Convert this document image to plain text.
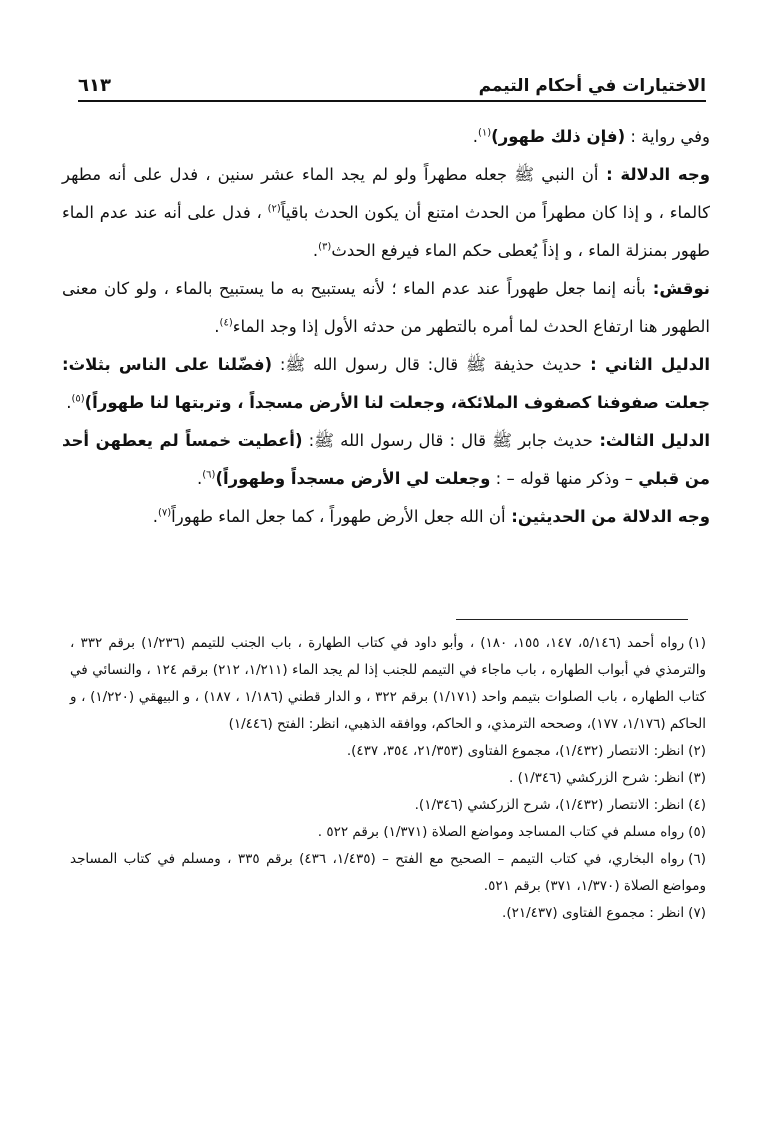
الاختيارات في أحكام التيمم
٦١٣

وفي رواية : (فإن ذلك طهور)$^{(١)}$.

وجه الدلالة : أن النبي ﷺ جعله مطهراً ولو لم يجد الماء عشر سنين ، فدل على أنه مطهر كالماء ، و إذا كان مطهراً من الحدث امتنع أن يكون الحدث باقياً$^{(٢)}$ ، فدل على أنه عند عدم الماء طهور بمنزلة الماء ، و إذاً يُعطى حكم الماء فيرفع الحدث$^{(٣)}$.

نوقش: بأنه إنما جعل طهوراً عند عدم الماء ؛ لأنه يستبيح به ما يستبيح بالماء ، ولو كان معنى الطهور هنا ارتفاع الحدث لما أمره بالتطهر من حدثه الأول إذا وجد الماء$^{(٤)}$.

الدليل الثاني : حديث حذيفة ﷺ قال: قال رسول الله ﷺ: (فضّلنا على الناس بثلاث: جعلت صفوفنا كصفوف الملائكة، وجعلت لنا الأرض مسجداً ، وتربتها لنا طهوراً)$^{(٥)}$.

الدليل الثالث: حديث جابر ﷺ قال : قال رسول الله ﷺ: (أعطيت خمساً لم يعطهن أحد من قبلي – وذكر منها قوله – : وجعلت لي الأرض مسجداً وطهوراً)$^{(٦)}$.

وجه الدلالة من الحديثين: أن الله جعل الأرض طهوراً ، كما جعل الماء طهوراً$^{(٧)}$.

(١)رواه أحمد (٥/١٤٦، ١٤٧، ١٥٥، ١٨٠) ، وأبو داود في كتاب الطهارة ، باب الجنب للتيمم (١/٢٣٦) برقم ٣٣٢ ، والترمذي في أبواب الطهاره ، باب ماجاء في التيمم للجنب إذا لم يجد الماء (١/٢١١، ٢١٢) برقم ١٢٤ ، والنسائي في كتاب الطهاره ، باب الصلوات بتيمم واحد (١/١٧١) برقم ٣٢٢ ، و الدار قطني (١/١٨٦ ، ١٨٧) ، و البيهقي (١/٢٢٠) ، و الحاكم (١/١٧٦، ١٧٧)، وصححه الترمذي، و الحاكم، ووافقه الذهبي، انظر: الفتح (١/٤٤٦)

(٢)انظر: الانتصار (١/٤٣٢)، مجموع الفتاوى (٢١/٣٥٣، ٣٥٤، ٤٣٧).

(٣)انظر: شرح الزركشي (١/٣٤٦) .

(٤)انظر: الانتصار (١/٤٣٢)، شرح الزركشي (١/٣٤٦).

(٥)رواه مسلم في كتاب المساجد ومواضع الصلاة (١/٣٧١) برقم ٥٢٢ .

(٦)رواه البخاري، في كتاب التيمم – الصحيح مع الفتح – (١/٤٣٥، ٤٣٦) برقم ٣٣٥ ، ومسلم في كتاب المساجد ومواضع الصلاة (١/٣٧٠، ٣٧١) برقم ٥٢١.

(٧)انظر : مجموع الفتاوى (٢١/٤٣٧).
